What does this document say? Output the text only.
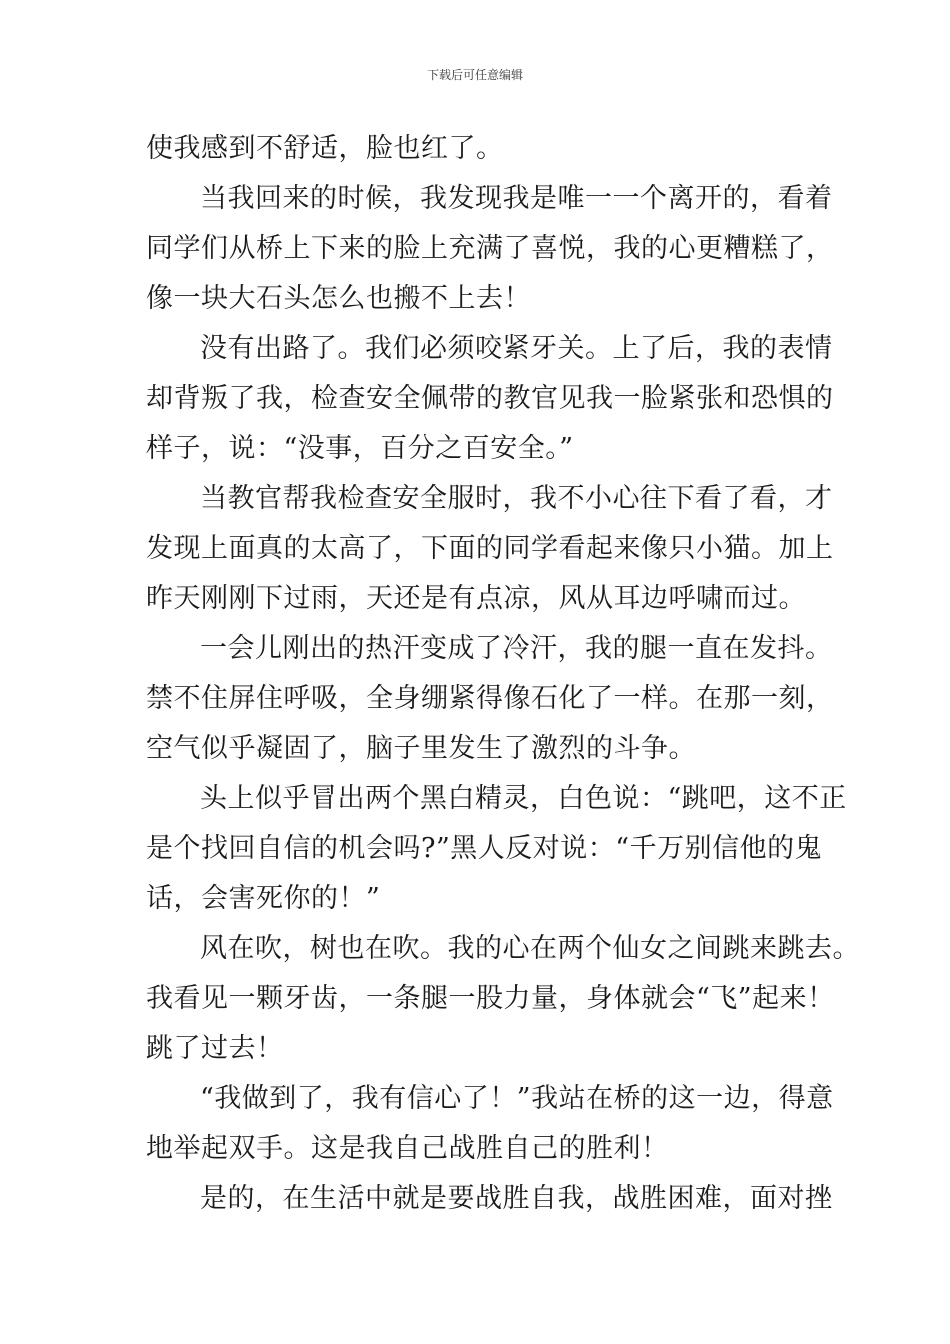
下载后可任意编辑
使我感到不舒适，脸也红了。
当我回来的时候，我发现我是唯一一个离开的，看着
同学们从桥上下来的脸上充满了喜悦，我的心更糟糕了，
像一块大石头怎么也搬不上去！
没有出路了。我们必须咬紧牙关。上了后，我的表情
却背叛了我，检查安全佩带的教官见我一脸紧张和恐惧的
样子，说：“没事，百分之百安全。”
当教官帮我检查安全服时，我不小心往下看了看，才
发现上面真的太高了，下面的同学看起来像只小猫。加上
昨天刚刚下过雨，天还是有点凉，风从耳边呼啸而过。
一会儿刚出的热汗变成了冷汗，我的腿一直在发抖。
禁不住屏住呼吸，全身绷紧得像石化了一样。在那一刻，
空气似乎凝固了，脑子里发生了激烈的斗争。
头上似乎冒出两个黑白精灵，白色说：“跳吧，这不正
是个找回自信的机会吗?”黑人反对说：“千万别信他的鬼
话，会害死你的！”
风在吹，树也在吹。我的心在两个仙女之间跳来跳去。
我看见一颗牙齿，一条腿一股力量，身体就会“飞”起来！
跳了过去！
“我做到了，我有信心了！”我站在桥的这一边，得意
地举起双手。这是我自己战胜自己的胜利！
是的，在生活中就是要战胜自我，战胜困难，面对挫
